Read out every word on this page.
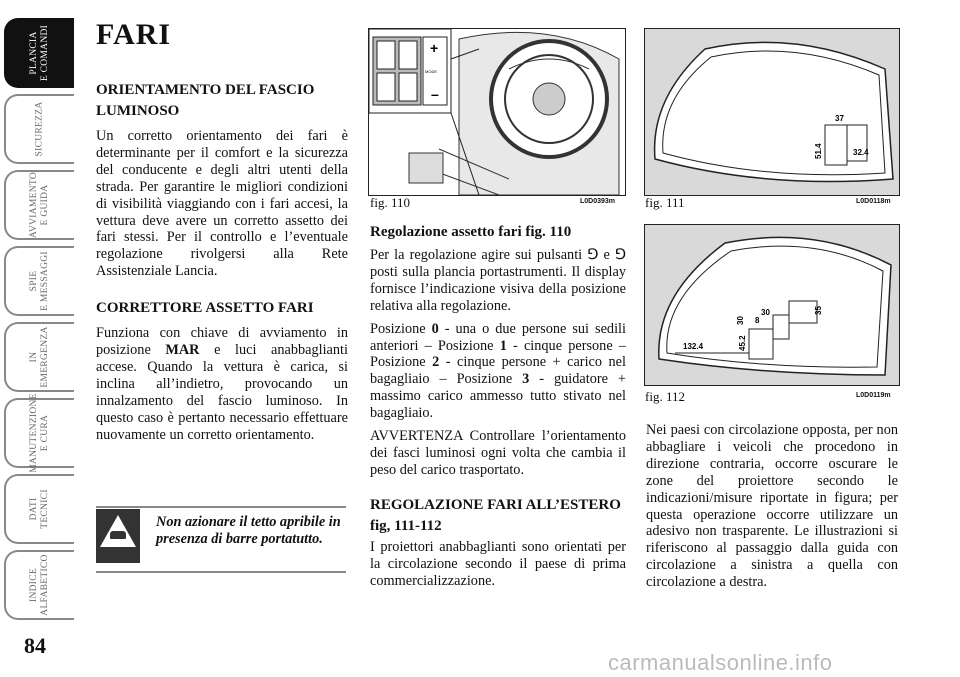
PLANCIA
E COMANDI
SICUREZZA
AVVIAMENTO
E GUIDA
SPIE
E MESSAGGI
IN
EMERGENZA
MANUTENZIONE
E CURA
DATI
TECNICI
INDICE
ALFABETICO
84
FARI

ORIENTAMENTO DEL FASCIO LUMINOSO

Un corretto orientamento dei fari è determinante per il comfort e la sicurezza del conducente e degli altri utenti della strada. Per garantire le migliori condizioni di visibilità viaggiando con i fari accesi, la vettura deve avere un corretto assetto dei fari stessi. Per il controllo e l’eventuale regolazione rivolgersi alla Rete Assistenziale Lancia.

CORRETTORE ASSETTO FARI

Funziona con chiave di avviamento in posizione MAR e luci anabbaglianti accese. Quando la vettura è carica, si inclina all’indietro, provocando un innalzamento del fascio luminoso. In questo caso è pertanto necessario effettuare nuovamente un corretto orientamento.

Non azionare il tetto apribile in presenza di barre portatutto.
+
–
MODE
fig. 110	L0D0393m

Regolazione assetto fari fig. 110

Per la regolazione agire sui pulsanti ⅁ e ⅁ posti sulla plancia portastrumenti. Il display fornisce l’indicazione visiva della posizione relativa alla regolazione.

Posizione 0 - una o due persone sui sedili anteriori – Posizione 1 - cinque persone – Posizione 2 - cinque persone + carico nel bagagliaio – Posizione 3 - guidatore + massimo carico ammesso tutto stivato nel bagagliaio.

AVVERTENZA Controllare l’orientamento dei fasci luminosi ogni volta che cambia il peso del carico trasportato.

REGOLAZIONE FARI ALL’ESTERO fig, 111-112

I proiettori anabbaglianti sono orientati per la circolazione secondo il paese di prima commercializzazione.

37
51.4	32.4
fig. 111	L0D0118m
132.4	45.2
30 8
30	35
fig. 112	L0D0119m

Nei paesi con circolazione opposta, per non abbagliare i veicoli che procedono in direzione contraria, occorre oscurare le zone del proiettore secondo le indicazioni/misure riportate in figura; per questa operazione occorre utilizzare un adesivo non trasparente. Le illustrazioni si riferiscono al passaggio dalla guida con circolazione a sinistra a quella con circolazione a destra.

carmanualsonline.info
